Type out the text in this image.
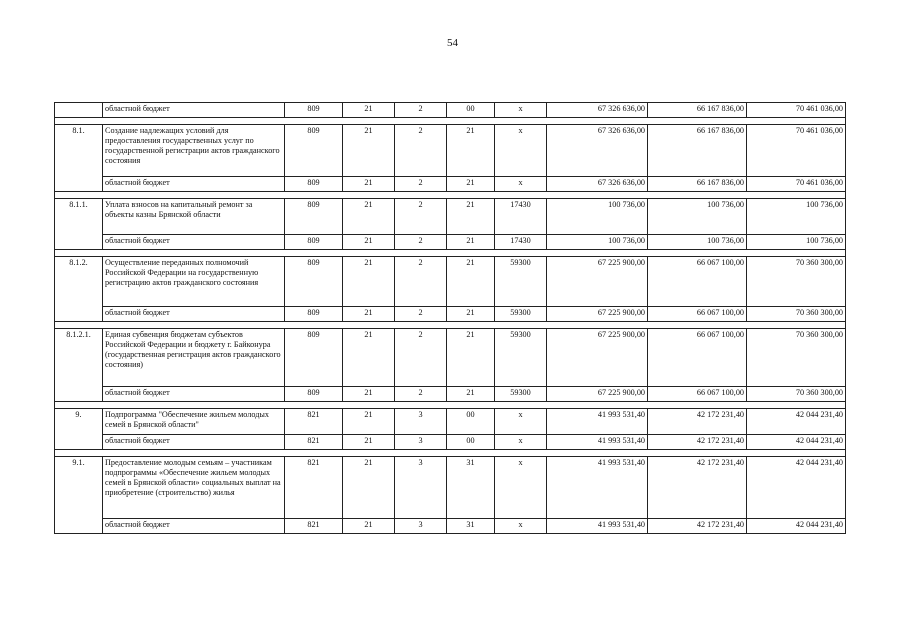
54
	областной бюджет	809	21	2	00	x	67 326 636,00	66 167 836,00	70 461 036,00

8.1.	Создание надлежащих условий для предоставления государственных услуг по государственной регистрации актов гражданского состояния	809	21	2	21	x	67 326 636,00	66 167 836,00	70 461 036,00
	областной бюджет	809	21	2	21	x	67 326 636,00	66 167 836,00	70 461 036,00

8.1.1.	Уплата взносов на капитальный ремонт за объекты казны Брянской области	809	21	2	21	17430	100 736,00	100 736,00	100 736,00
	областной бюджет	809	21	2	21	17430	100 736,00	100 736,00	100 736,00

8.1.2.	Осуществление переданных полномочий Российской Федерации на государственную регистрацию актов гражданского состояния	809	21	2	21	59300	67 225 900,00	66 067 100,00	70 360 300,00
	областной бюджет	809	21	2	21	59300	67 225 900,00	66 067 100,00	70 360 300,00

8.1.2.1.	Единая субвенция бюджетам субъектов Российской Федерации и бюджету г. Байконура (государственная регистрация актов гражданского состояния)	809	21	2	21	59300	67 225 900,00	66 067 100,00	70 360 300,00
	областной бюджет	809	21	2	21	59300	67 225 900,00	66 067 100,00	70 360 300,00

9.	Подпрограмма "Обеспечение жильем молодых семей в Брянской области"	821	21	3	00	x	41 993 531,40	42 172 231,40	42 044 231,40
	областной бюджет	821	21	3	00	x	41 993 531,40	42 172 231,40	42 044 231,40

9.1.	Предоставление молодым семьям – участникам подпрограммы «Обеспечение жильем молодых семей в Брянской области» социальных выплат на приобретение (строительство) жилья	821	21	3	31	x	41 993 531,40	42 172 231,40	42 044 231,40
	областной бюджет	821	21	3	31	x	41 993 531,40	42 172 231,40	42 044 231,40
